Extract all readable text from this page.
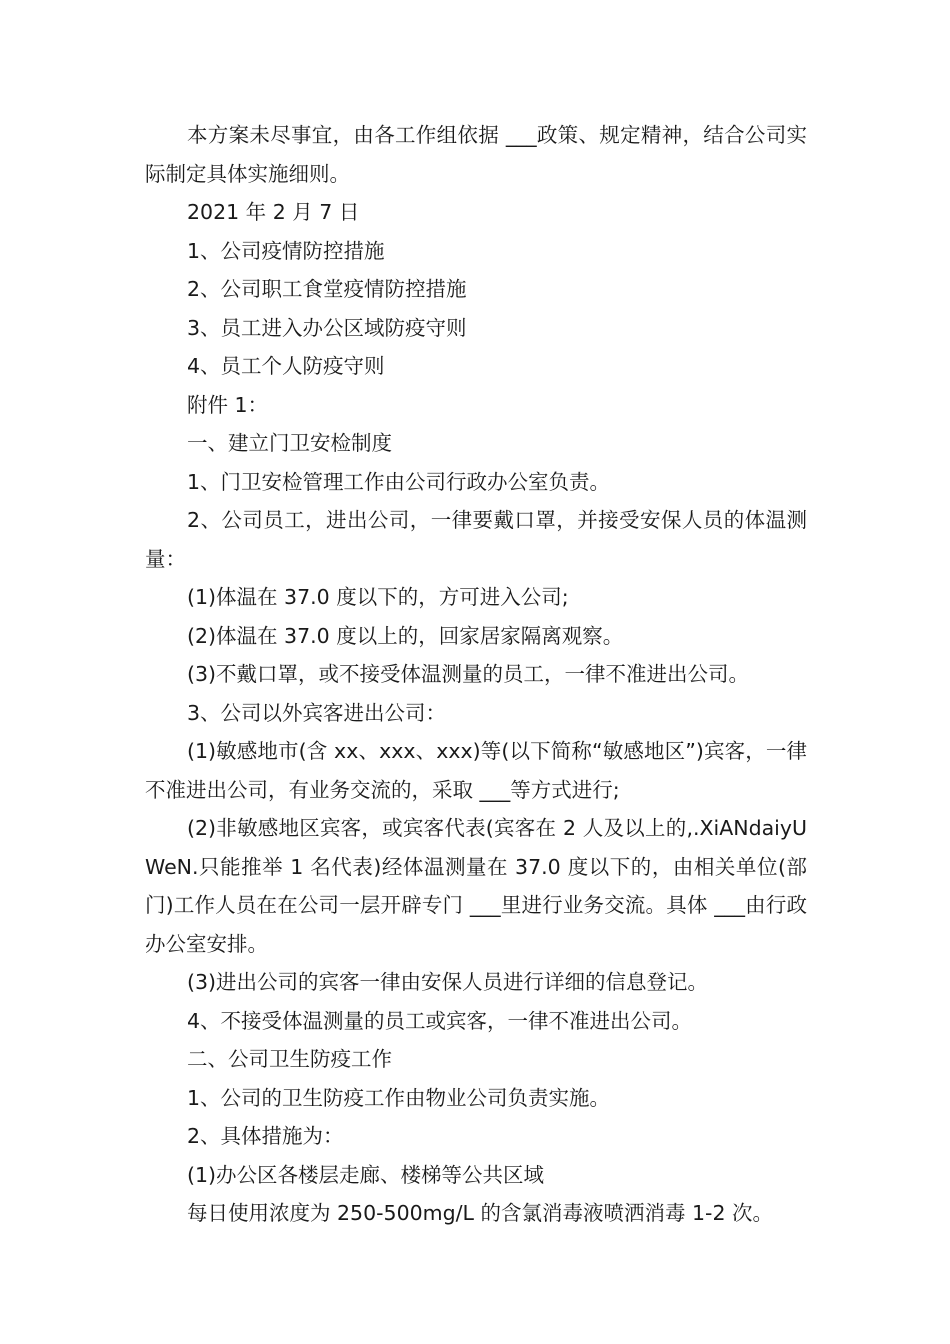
本方案未尽事宜，由各工作组依据 ___政策、规定精神，结合公司实际制定具体实施细则。

2021 年 2 月 7 日

1、公司疫情防控措施

2、公司职工食堂疫情防控措施

3、员工进入办公区域防疫守则

4、员工个人防疫守则

附件 1：

一、建立门卫安检制度

1、门卫安检管理工作由公司行政办公室负责。

2、公司员工，进出公司，一律要戴口罩，并接受安保人员的体温测量：

(1)体温在 37.0 度以下的，方可进入公司;

(2)体温在 37.0 度以上的，回家居家隔离观察。

(3)不戴口罩，或不接受体温测量的员工，一律不准进出公司。

3、公司以外宾客进出公司：

(1)敏感地市(含 xx、xxx、xxx)等(以下简称“敏感地区”)宾客，一律不准进出公司，有业务交流的，采取 ___等方式进行;

(2)非敏感地区宾客，或宾客代表(宾客在 2 人及以上的,.XiANdaiyUWeN.只能推举 1 名代表)经体温测量在 37.0 度以下的，由相关单位(部门)工作人员在在公司一层开辟专门 ___里进行业务交流。具体 ___由行政办公室安排。

(3)进出公司的宾客一律由安保人员进行详细的信息登记。

4、不接受体温测量的员工或宾客，一律不准进出公司。

二、公司卫生防疫工作

1、公司的卫生防疫工作由物业公司负责实施。

2、具体措施为：

(1)办公区各楼层走廊、楼梯等公共区域

每日使用浓度为 250-500mg/L 的含氯消毒液喷洒消毒 1-2 次。
